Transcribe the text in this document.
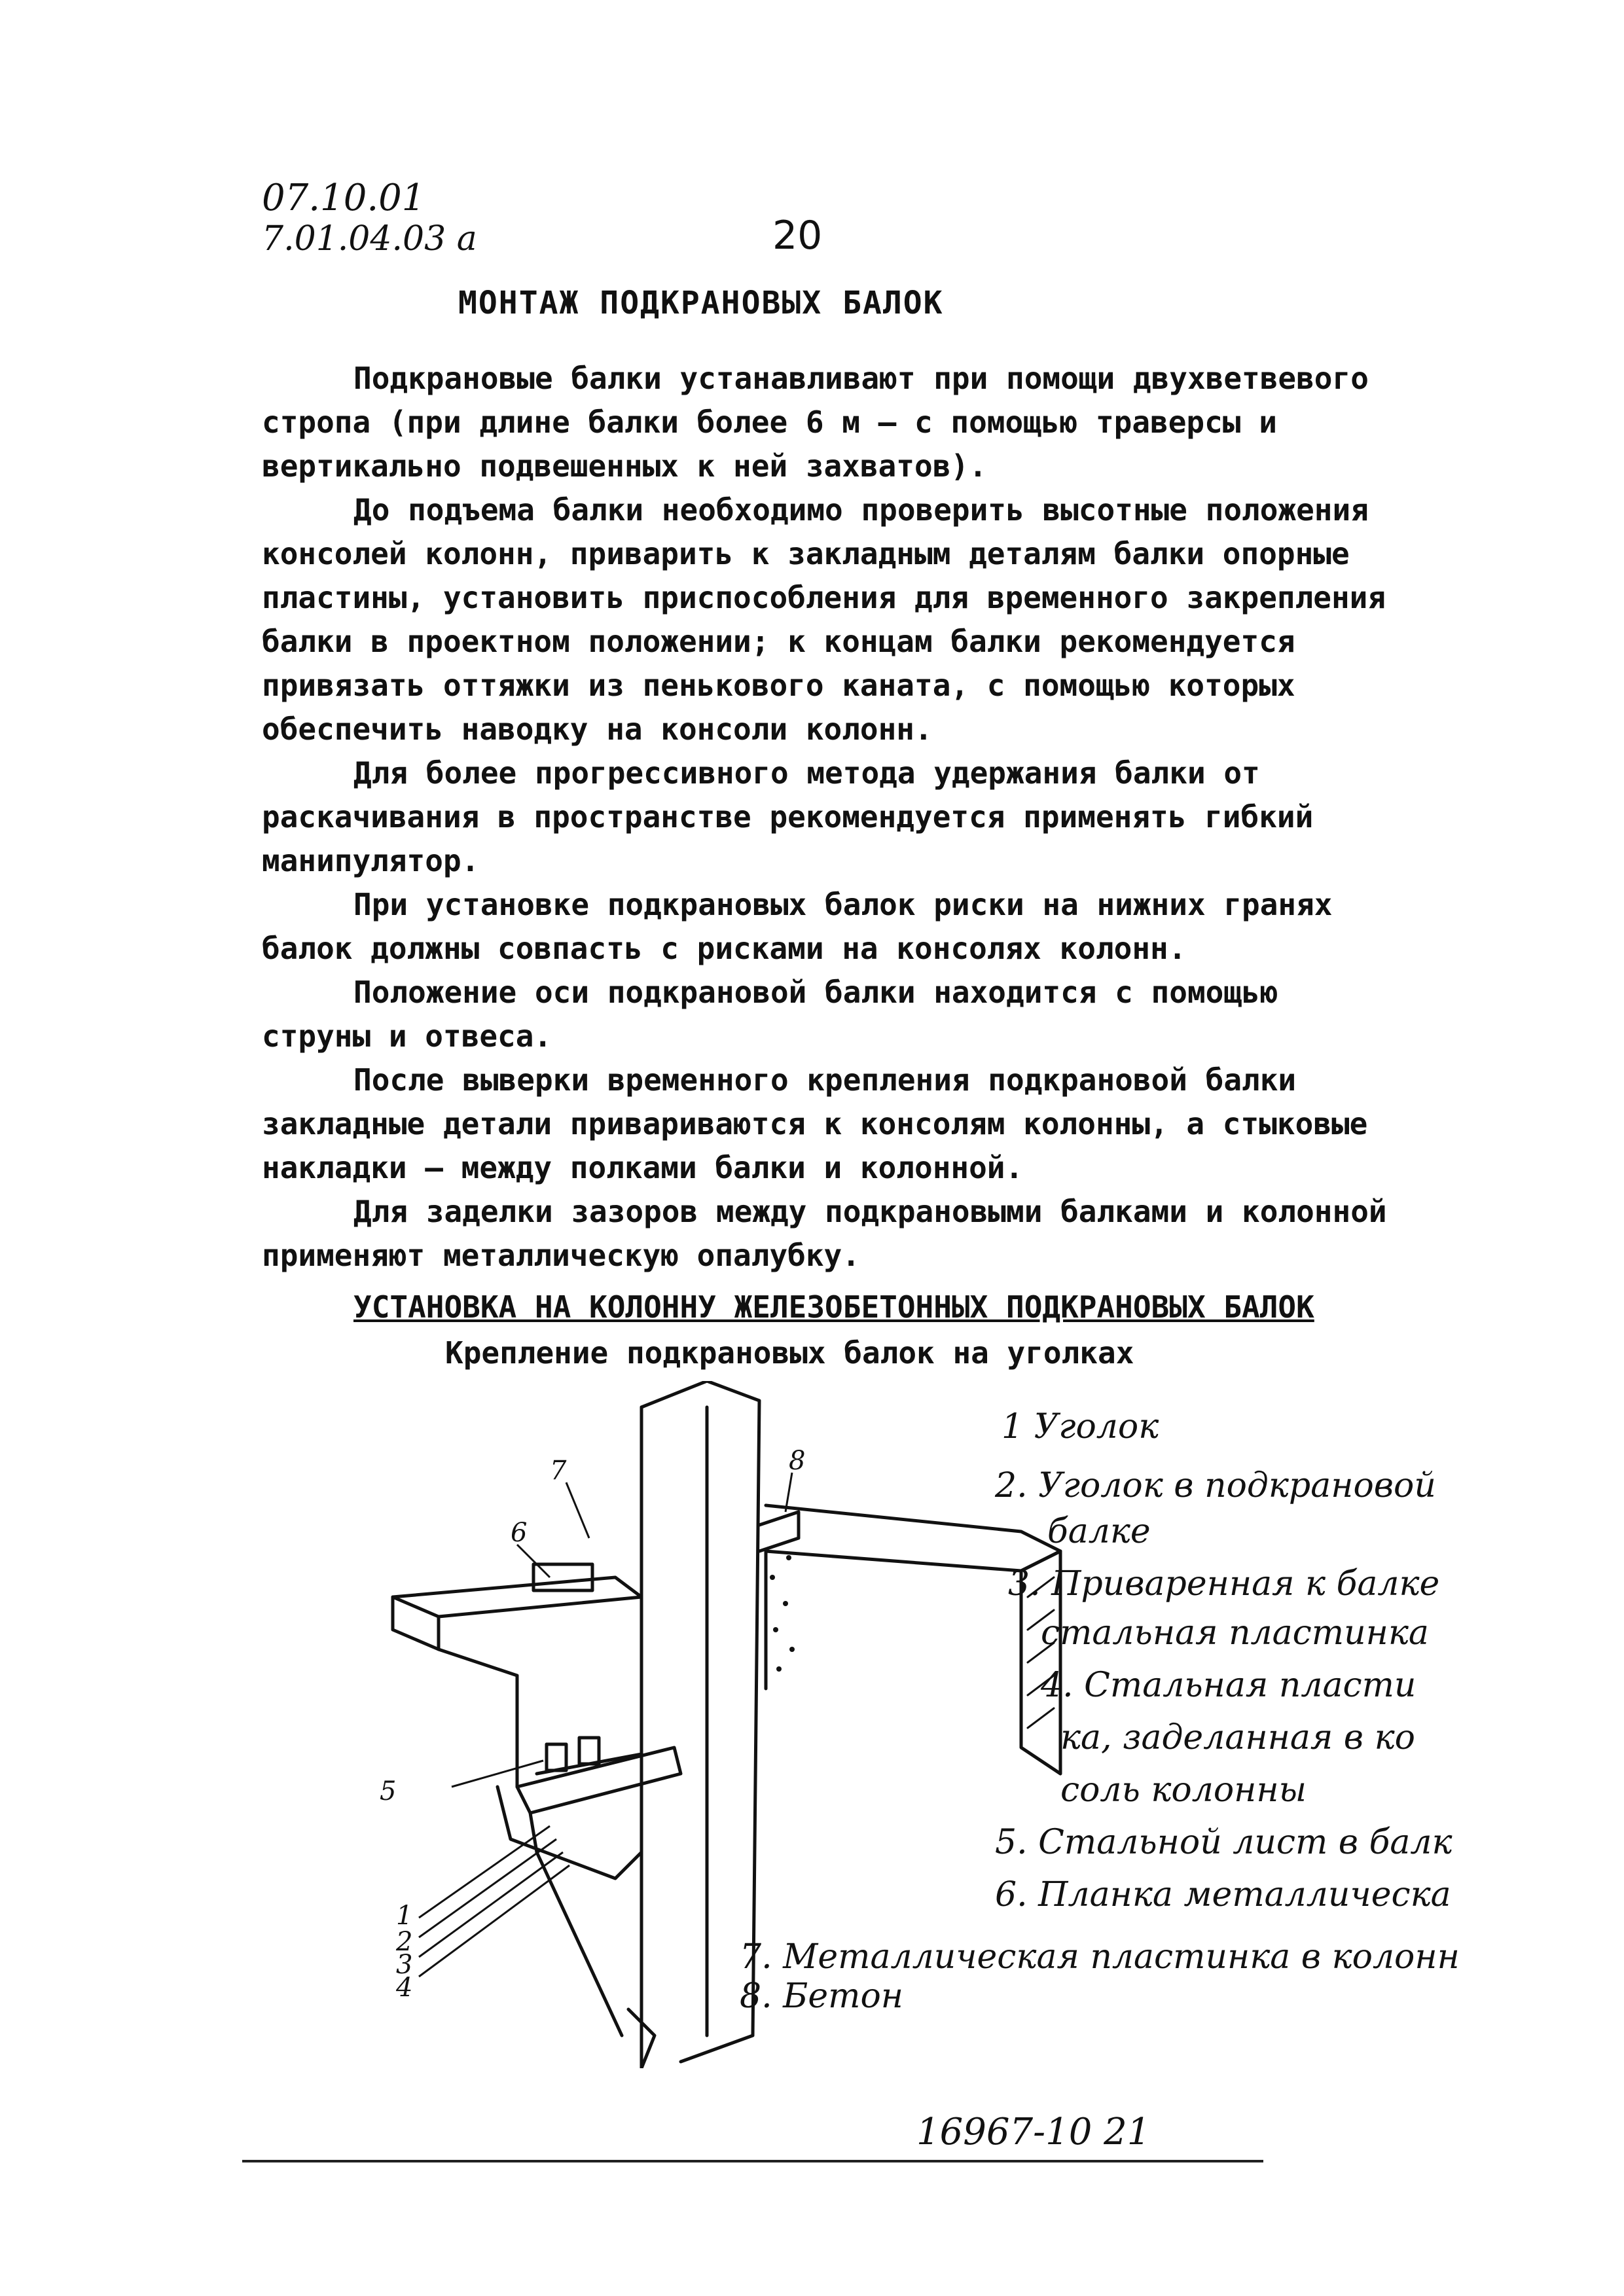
07.10.01
7.01.04.03 а	20
МОНТАЖ ПОДКРАНОВЫХ БАЛОК

Подкрановые балки устанавливают при помощи двухветвевого стропа (при длине балки более 6 м – с помощью траверсы и вертикально подвешенных к ней захватов).

До подъема балки необходимо проверить высотные положения консолей колонн, приварить к закладным деталям балки опорные пластины, установить приспособления для временного закрепления балки в проектном положении; к концам балки рекомендуется привязать оттяжки из пенькового каната, с помощью которых обеспечить наводку на консоли колонн.

Для более прогрессивного метода удержания балки от раскачивания в пространстве рекомендуется применять гибкий манипулятор.

При установке подкрановых балок риски на нижних гранях балок должны совпасть с рисками на консолях колонн.

Положение оси подкрановой балки находится с помощью струны и отвеса.

После выверки временного крепления подкрановой балки закладные детали привариваются к консолям колонны, а стыковые накладки – между полками балки и колонной.

Для заделки зазоров между подкрановыми балками и колонной применяют металлическую опалубку.

УСТАНОВКА НА КОЛОННУ ЖЕЛЕЗОБЕТОННЫХ ПОДКРАНОВЫХ БАЛОК
Крепление подкрановых балок на уголках
1
2
3
4
5
6
7	8
1 Уголок
2. Уголок в подкрановой
балке
3. Приваренная к балке
стальная пластинка
4. Стальная пласти
ка, заделанная в ко
соль колонны
5. Стальной лист в балк
6. Планка металлическа
7. Металлическая пластинка в колонн
8. Бетон
16967-10 21
